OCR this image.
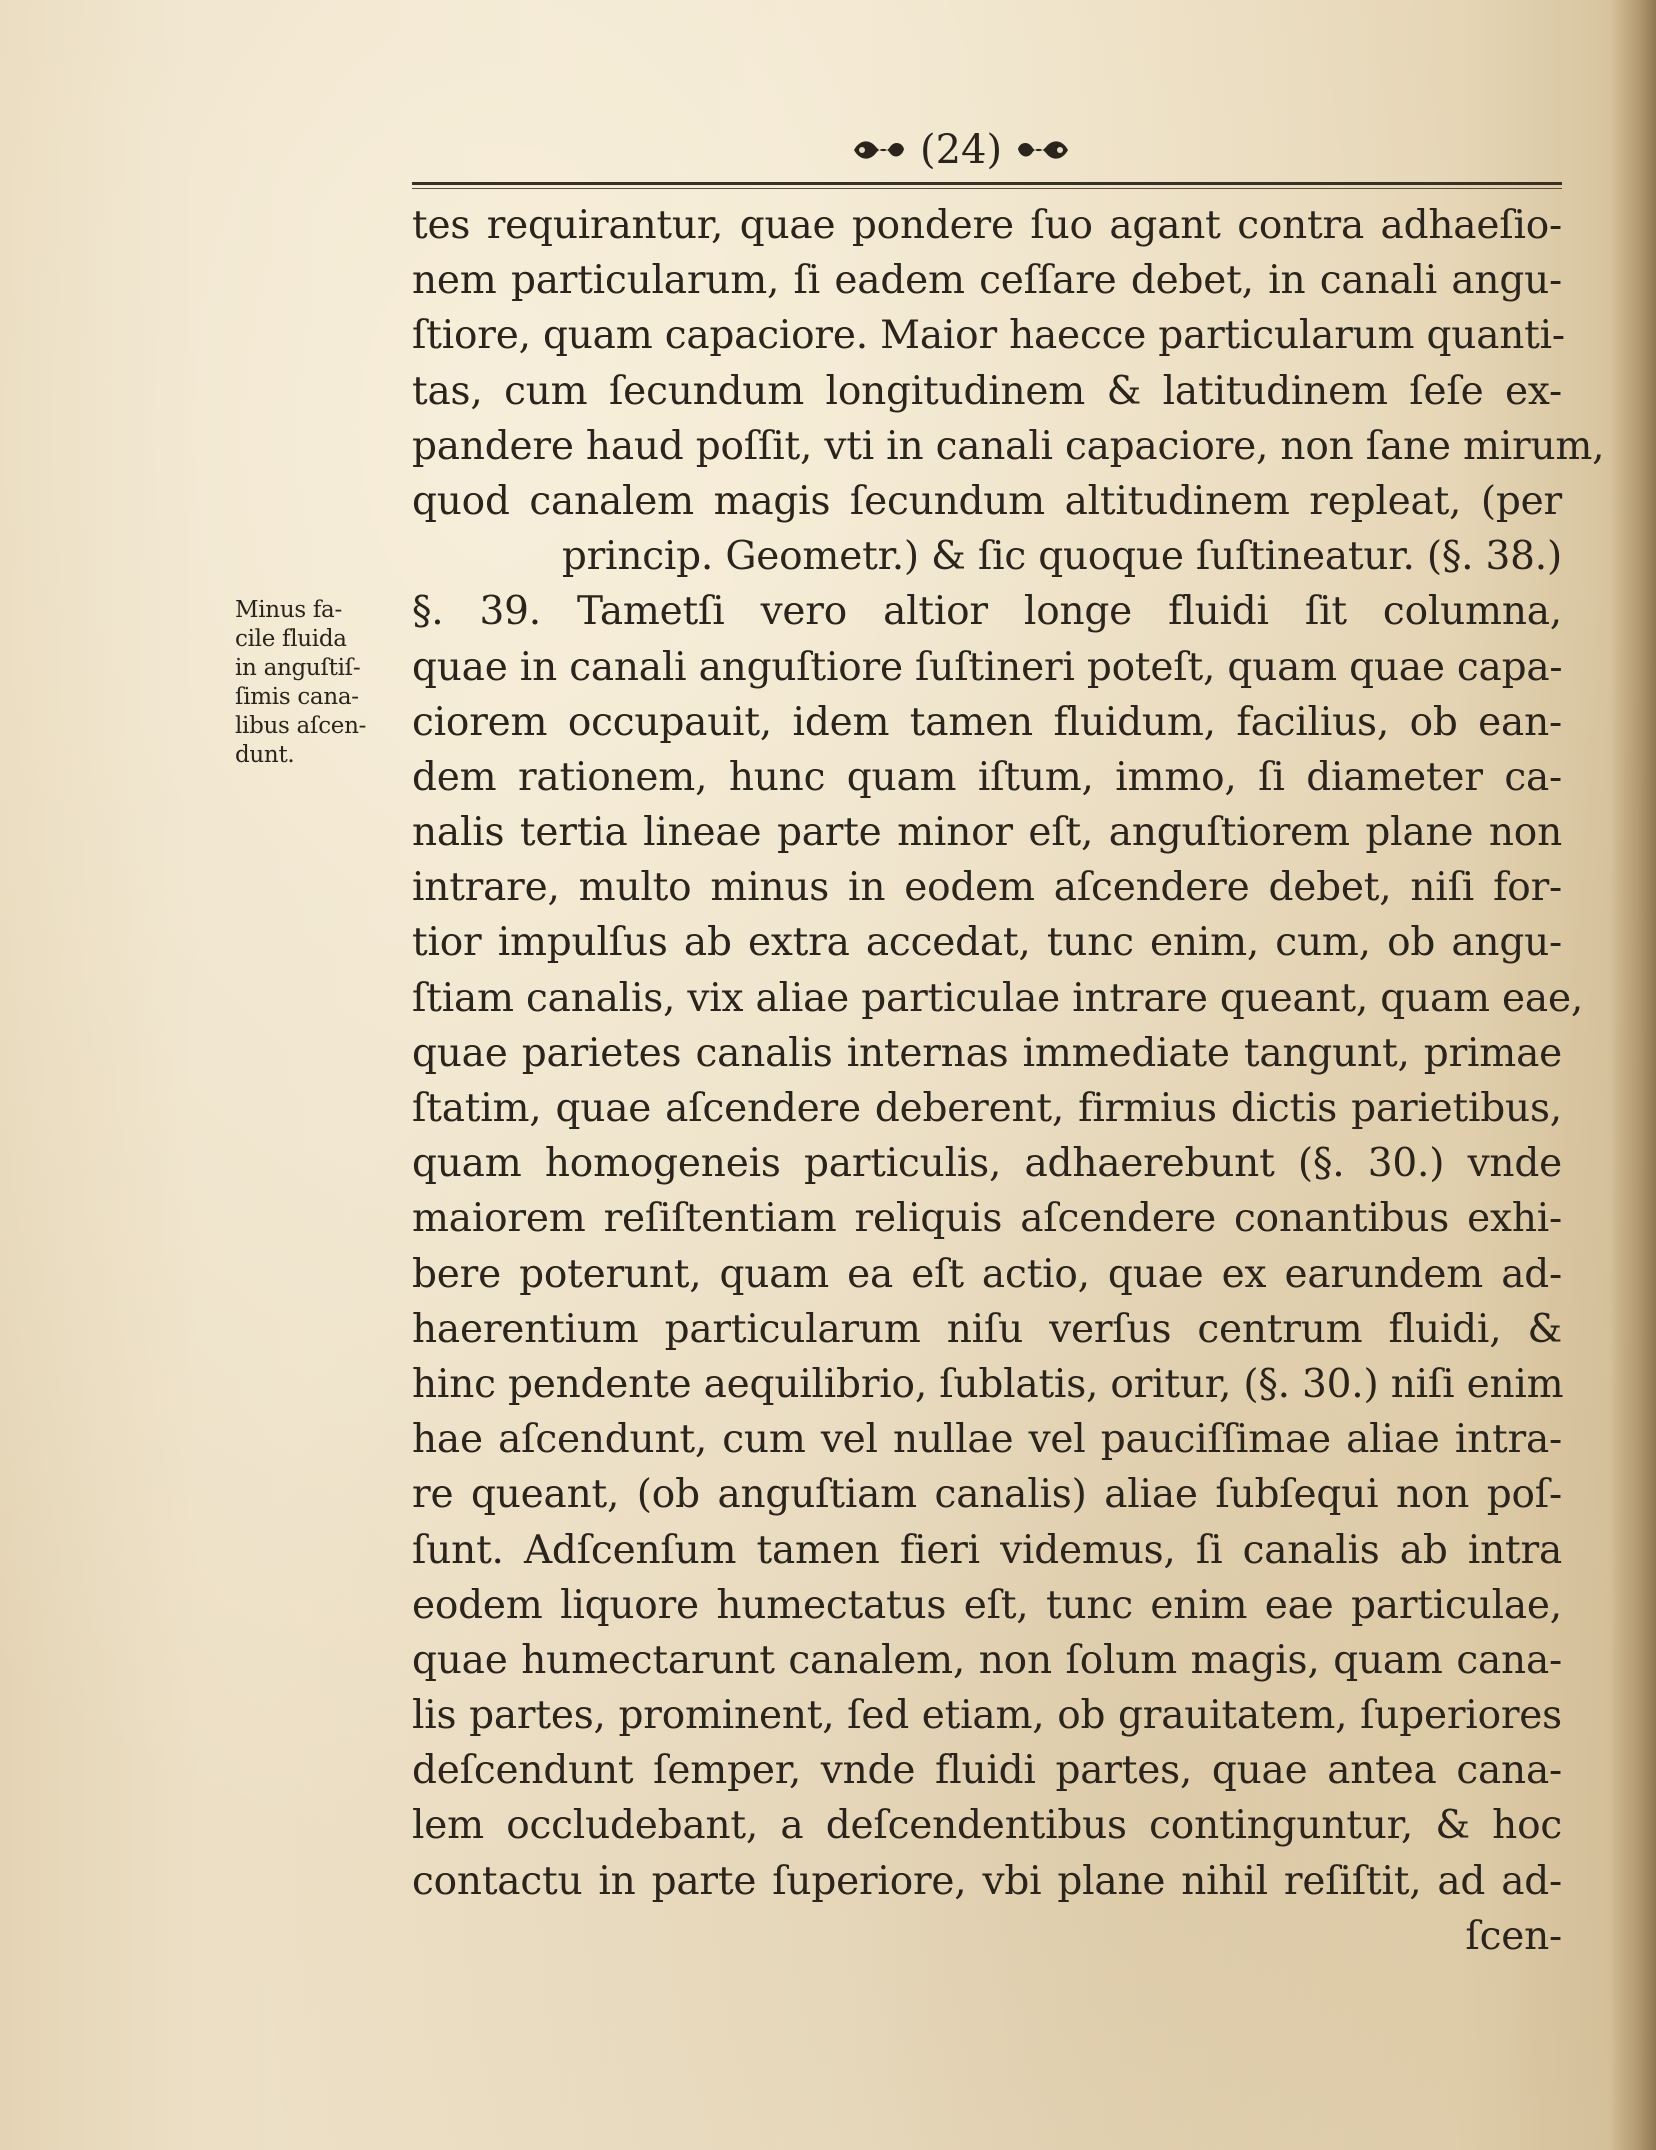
(24)
Minus fa-
cile fluida
in anguſtiſ-
ſimis cana-
libus aſcen-
dunt.
tes requirantur, quae pondere ſuo agant contra adhaeſio-
nem particularum, ſi eadem ceſſare debet, in canali angu-
ſtiore, quam capaciore. Maior haecce particularum quanti-
tas, cum ſecundum longitudinem & latitudinem ſeſe ex-
pandere haud poſſit, vti in canali capaciore, non ſane mirum,
quod canalem magis ſecundum altitudinem repleat, (per
princip. Geometr.) & ſic quoque ſuſtineatur. (§. 38.)
§. 39. Tametſi vero altior longe fluidi ſit columna,
quae in canali anguſtiore ſuſtineri poteſt, quam quae capa-
ciorem occupauit, idem tamen fluidum, facilius, ob ean-
dem rationem, hunc quam iſtum, immo, ſi diameter ca-
nalis tertia lineae parte minor eſt, anguſtiorem plane non
intrare, multo minus in eodem aſcendere debet, niſi for-
tior impulſus ab extra accedat, tunc enim, cum, ob angu-
ſtiam canalis, vix aliae particulae intrare queant, quam eae,
quae parietes canalis internas immediate tangunt, primae
ſtatim, quae aſcendere deberent, firmius dictis parietibus,
quam homogeneis particulis, adhaerebunt (§. 30.) vnde
maiorem reſiſtentiam reliquis aſcendere conantibus exhi-
bere poterunt, quam ea eſt actio, quae ex earundem ad-
haerentium particularum niſu verſus centrum fluidi, &
hinc pendente aequilibrio, ſublatis, oritur, (§. 30.) niſi enim
hae aſcendunt, cum vel nullae vel pauciſſimae aliae intra-
re queant, (ob anguſtiam canalis) aliae ſubſequi non poſ-
ſunt. Adſcenſum tamen fieri videmus, ſi canalis ab intra
eodem liquore humectatus eſt, tunc enim eae particulae,
quae humectarunt canalem, non ſolum magis, quam cana-
lis partes, prominent, ſed etiam, ob grauitatem, ſuperiores
deſcendunt ſemper, vnde fluidi partes, quae antea cana-
lem occludebant, a deſcendentibus continguntur, & hoc
contactu in parte ſuperiore, vbi plane nihil reſiſtit, ad ad-
ſcen-
